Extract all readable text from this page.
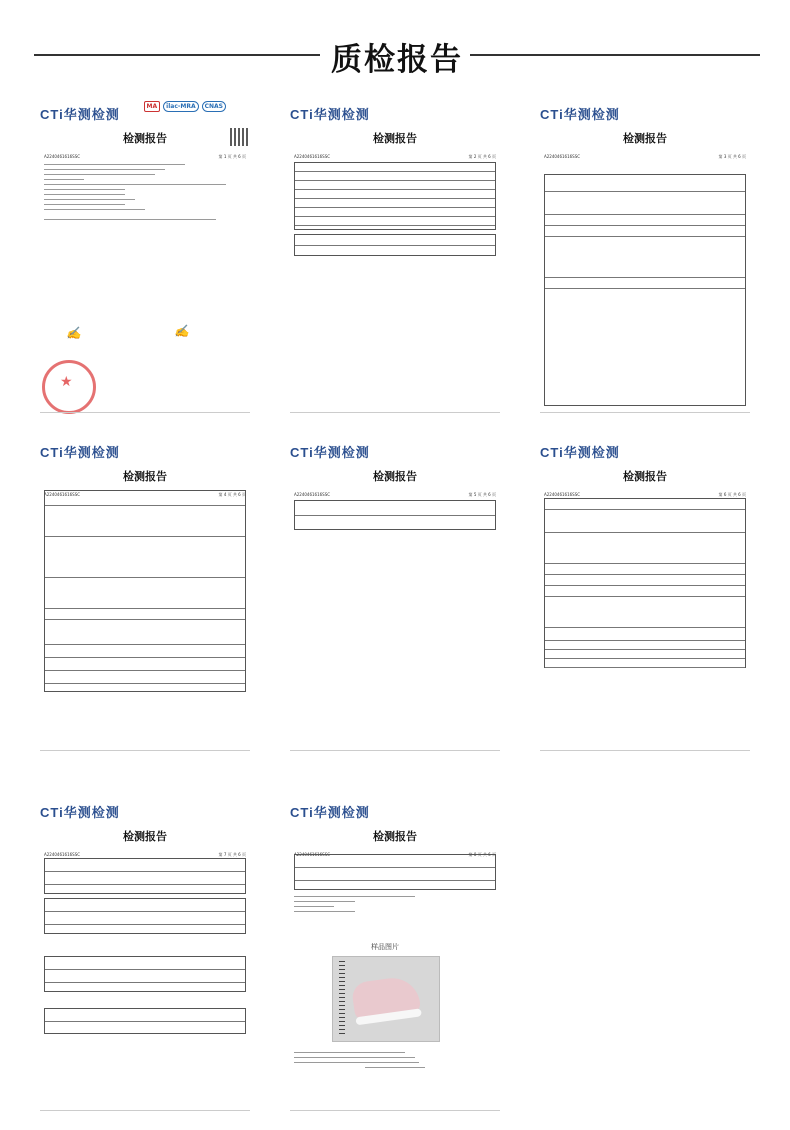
质检报告
CTi华测检测
MA	ilac-MRA	CNAS
检测报告
A2240461616SSC	第 1 页 共 6 页
✍	✍
★
CTi华测检测
检测报告
A2240461616SSC	第 2 页 共 6 页
CTi华测检测
检测报告
A2240461616SSC	第 3 页 共 6 页
CTi华测检测
检测报告
A2240461616SSC	第 4 页 共 6 页
CTi华测检测
检测报告
A2240461616SSC	第 5 页 共 6 页
CTi华测检测
检测报告
A2240461616SSC	第 6 页 共 6 页
CTi华测检测
检测报告
A2240461616SSC	第 7 页 共 6 页
CTi华测检测
检测报告
A2240461616SSC	第 8 页 共 6 页
样品图片
